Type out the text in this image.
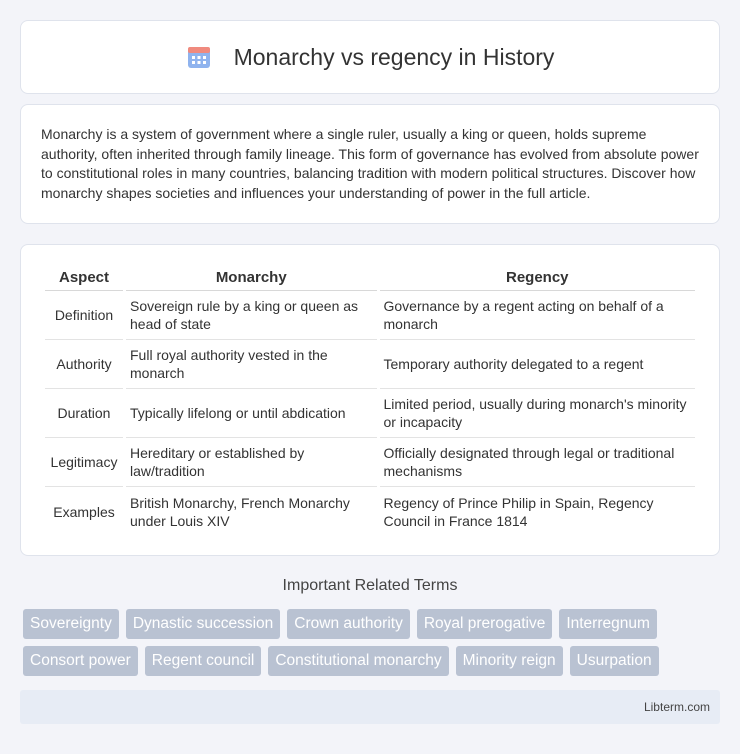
Monarchy vs regency in History

Monarchy is a system of government where a single ruler, usually a king or queen, holds supreme authority, often inherited through family lineage. This form of governance has evolved from absolute power to constitutional roles in many countries, balancing tradition with modern political structures. Discover how monarchy shapes societies and influences your understanding of power in the full article.

Aspect	Monarchy	Regency
Definition	Sovereign rule by a king or queen as head of state	Governance by a regent acting on behalf of a monarch
Authority	Full royal authority vested in the monarch	Temporary authority delegated to a regent
Duration	Typically lifelong or until abdication	Limited period, usually during monarch's minority or incapacity
Legitimacy	Hereditary or established by law/tradition	Officially designated through legal or traditional mechanisms
Examples	British Monarchy, French Monarchy under Louis XIV	Regency of Prince Philip in Spain, Regency Council in France 1814
Important Related Terms
Sovereignty	Dynastic succession	Crown authority	Royal prerogative	Interregnum
Consort power	Regent council	Constitutional monarchy	Minority reign	Usurpation
Libterm.com
